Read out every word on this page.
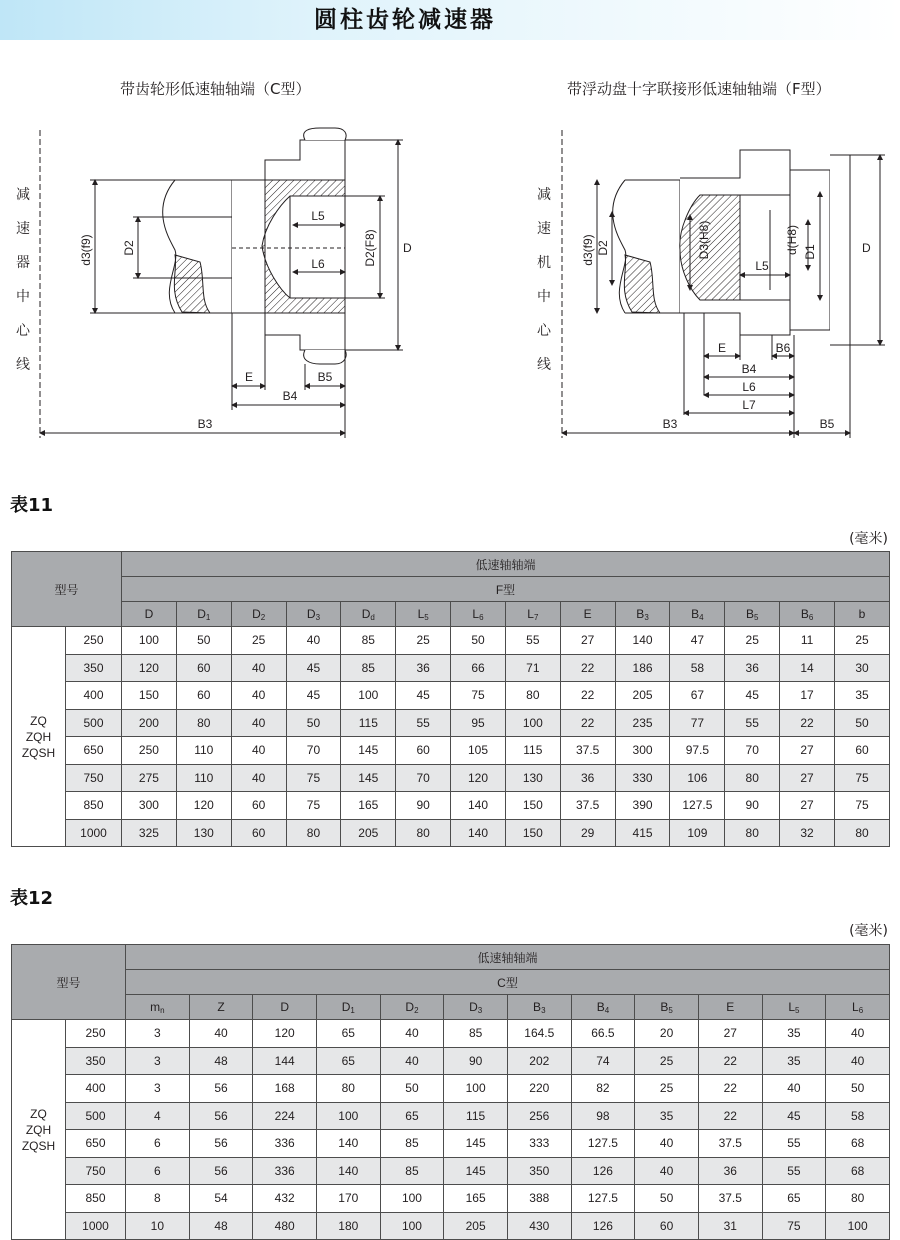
圆柱齿轮减速器
带齿轮形低速轴轴端（C型）	带浮动盘十字联接形低速轴轴端（F型）
减
速
器
中
心
线
减
速
机
中
心
线
d3(f9) D2
L5
L6	D2(F8) D
E	B5
B4
B3
d3(f9) D2	D3(H8)	d(H8) D1
L5
D
E	B6
B4
L6
L7
B3	B5
表11
(毫米)
型号		低速轴轴端													
		F型													
		D	$D_1$	$D_2$	$D_3$	$D_d$	$L_5$	$L_6$	$L_7$	E	$B_3$	$B_4$	$B_5$	$B_6$	b

ZQ
ZQH
ZQSH	250	100	50	25	40	85	25	50	55	27	140	47	25	11	25
	350	120	60	40	45	85	36	66	71	22	186	58	36	14	30
	400	150	60	40	45	100	45	75	80	22	205	67	45	17	35
	500	200	80	40	50	115	55	95	100	22	235	77	55	22	50
	650	250	110	40	70	145	60	105	115	37.5	300	97.5	70	27	60
	750	275	110	40	75	145	70	120	130	36	330	106	80	27	75
	850	300	120	60	75	165	90	140	150	37.5	390	127.5	90	27	75
	1000	325	130	60	80	205	80	140	150	29	415	109	80	32	80
表12
(毫米)
型号		低速轴轴端											
		C型											
		$m_n$	Z	D	$D_1$	$D_2$	$D_3$	$B_3$	$B_4$	$B_5$	E	$L_5$	$L_6$

ZQ
ZQH
ZQSH	250	3	40	120	65	40	85	164.5	66.5	20	27	35	40
	350	3	48	144	65	40	90	202	74	25	22	35	40
	400	3	56	168	80	50	100	220	82	25	22	40	50
	500	4	56	224	100	65	115	256	98	35	22	45	58
	650	6	56	336	140	85	145	333	127.5	40	37.5	55	68
	750	6	56	336	140	85	145	350	126	40	36	55	68
	850	8	54	432	170	100	165	388	127.5	50	37.5	65	80
	1000	10	48	480	180	100	205	430	126	60	31	75	100
